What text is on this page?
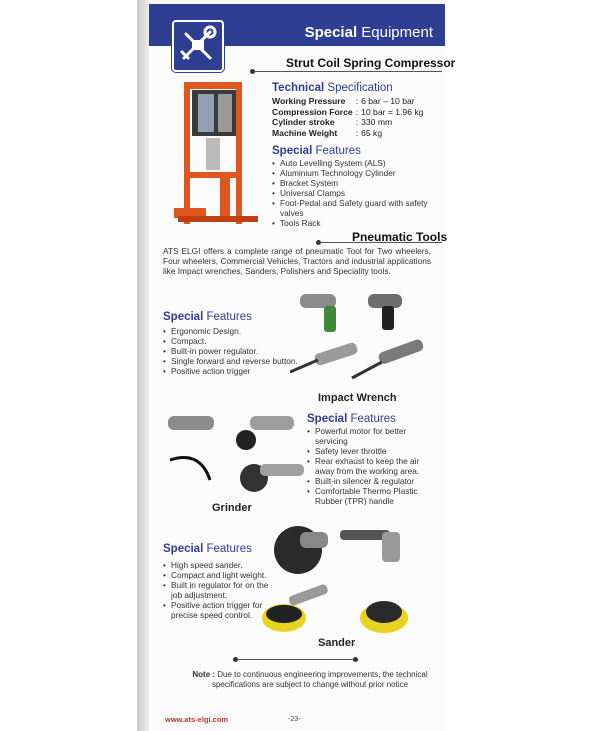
Special Equipment
Strut Coil Spring Compressor
Technical Specification
Working Pressure	:	6 bar – 10 bar
Compression Force	:	10 bar = 1.96 kg
Cylinder stroke	:	330 mm
Machine Weight	:	65 kg
Special Features
• Auto Levelling System (ALS)
• Aluminium Technology Cylinder
• Bracket System
• Universal Clamps
• Foot-Pedal and Safety guard with safety valves
• Tools Rack
Pneumatic Tools
ATS ELGI offers a complete range of pneumatic Tool for Two wheelers, Four wheelers, Commercial Vehicles, Tractors and industrial applications like Impact wrenches, Sanders, Polishers and Speciality tools.
Special Features
• Ergonomic Design.
• Compact.
• Built-in power regulator.
• Single forward and reverse button.
• Positive action trigger
Impact Wrench
Grinder
Special Features
• Powerful motor for better servicing
• Safety lever throttle
• Rear exhaust to keep the air away from the working area.
• Built-in silencer & regulator
• Comfortable Thermo Plastic Rubber (TPR) handle
Special Features
• High speed sander.
• Compact and light weight.
• Built in regulator for on the job adjustment.
• Positive action trigger for precise speed control.
Sander
Note : Due to continuous engineering improvements, the technical specifications are subject to change without prior notice
www.ats-elgi.com	-23-
